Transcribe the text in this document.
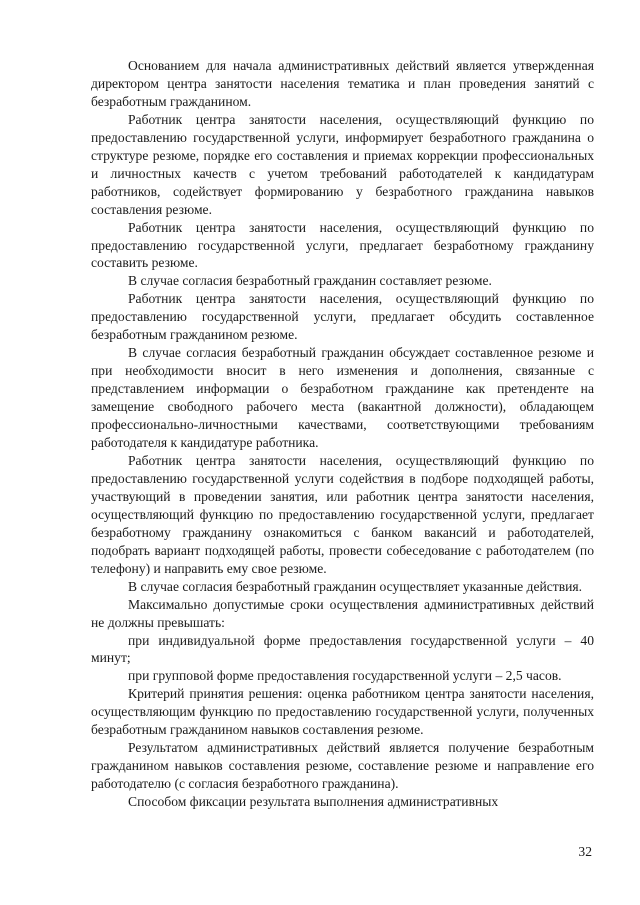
Основанием для начала административных действий является утвержденная директором центра занятости населения тематика и план проведения занятий с безработным гражданином.

Работник центра занятости населения, осуществляющий функцию по предоставлению государственной услуги, информирует безработного гражданина о структуре резюме, порядке его составления и приемах коррекции профессиональных и личностных качеств с учетом требований работодателей к кандидатурам работников, содействует формированию у безработного гражданина навыков составления резюме.

Работник центра занятости населения, осуществляющий функцию по предоставлению государственной услуги, предлагает безработному гражданину составить резюме.

В случае согласия безработный гражданин составляет резюме.

Работник центра занятости населения, осуществляющий функцию по предоставлению государственной услуги, предлагает обсудить составленное безработным гражданином резюме.

В случае согласия безработный гражданин обсуждает составленное резюме и при необходимости вносит в него изменения и дополнения, связанные с представлением информации о безработном гражданине как претенденте на замещение свободного рабочего места (вакантной должности), обладающем профессионально-личностными качествами, соответствующими требованиям работодателя к кандидатуре работника.

Работник центра занятости населения, осуществляющий функцию по предоставлению государственной услуги содействия в подборе подходящей работы, участвующий в проведении занятия, или работник центра занятости населения, осуществляющий функцию по предоставлению государственной услуги, предлагает безработному гражданину ознакомиться с банком вакансий и работодателей, подобрать вариант подходящей работы, провести собеседование с работодателем (по телефону) и направить ему свое резюме.

В случае согласия безработный гражданин осуществляет указанные действия.

Максимально допустимые сроки осуществления административных действий не должны превышать:

при индивидуальной форме предоставления государственной услуги – 40 минут;

при групповой форме предоставления государственной услуги – 2,5 часов.

Критерий принятия решения: оценка работником центра занятости населения, осуществляющим функцию по предоставлению государственной услуги, полученных безработным гражданином навыков составления резюме.

Результатом административных действий является получение безработным гражданином навыков составления резюме, составление резюме и направление его работодателю (с согласия безработного гражданина).

Способом фиксации результата выполнения административных

32
